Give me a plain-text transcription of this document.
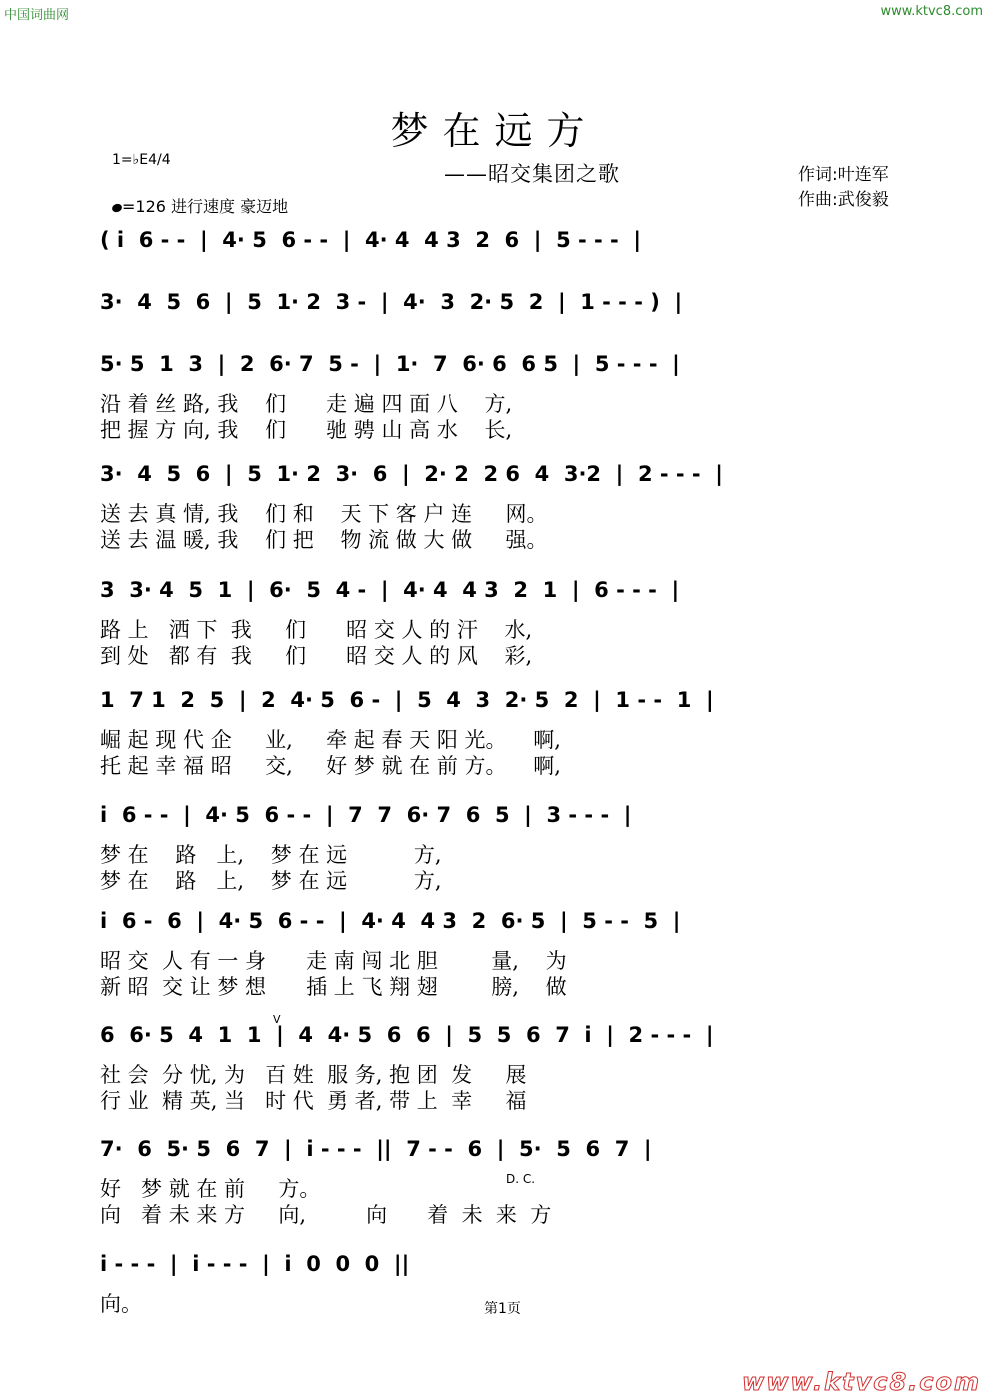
中国词曲网	www.ktvc8.com
梦在远方
——昭交集团之歌	作词:叶连军
作曲:武俊毅
1=♭E4/4
=126 进行速度 豪迈地
( i  6 - -  |  4· 5  6 - -  |  4· 4  4 3  2  6  |  5 - - -  |
3·  4  5  6  |  5  1· 2  3 -  |  4·  3  2· 5  2  |  1 - - - )  |
5· 5  1  3  |  2  6· 7  5 -  |  1·  7  6· 6  6 5  |  5 - - -  |
沿 着 丝 路, 我    们      走 遍 四 面 八    方,
把 握 方 向, 我    们      驰 骋 山 高 水    长,
3·  4  5  6  |  5  1· 2  3·  6  |  2· 2  2 6  4  3·2  |  2 - - -  |
送 去 真 情, 我    们 和    天 下 客 户 连     网。
送 去 温 暖, 我    们 把    物 流 做 大 做     强。
3  3· 4  5  1  |  6·  5  4 -  |  4· 4  4 3  2  1  |  6 - - -  |
路 上   洒 下  我     们      昭 交 人 的 汗    水,
到 处   都 有  我     们      昭 交 人 的 风    彩,
1  7 1  2  5  |  2  4· 5  6 -  |  5  4  3  2· 5  2  |  1 - -  1  |
崛 起 现 代 企     业,     牵 起 春 天 阳 光。    啊,
托 起 幸 福 昭     交,     好 梦 就 在 前 方。    啊,
i  6 - -  |  4· 5  6 - -  |  7  7  6· 7  6  5  |  3 - - -  |
梦 在    路   上,    梦 在 远          方,
梦 在    路   上,    梦 在 远          方,
i  6 -  6  |  4· 5  6 - -  |  4· 4  4 3  2  6· 5  |  5 - -  5  |
昭 交  人 有 一 身      走 南 闯 北 胆        量,    为
新 昭  交 让 梦 想      插 上 飞 翔 翅        膀,    做
6  6· 5  4  1  1  |  4  4· 5  6  6  |  5  5  6  7  i  |  2 - - -  |
社 会  分 忧, 为   百 姓  服 务, 抱 团  发     展
行 业  精 英, 当   时 代  勇 者, 带 上  幸     福
7·  6  5· 5  6  7  |  i - - -  ||  7 - -  6  |  5·  5  6  7  |
好   梦 就 在 前     方。
向   着 未 来 方     向,         向      着  未  来  方
i - - -  |  i - - -  |  i  0  0  0  ||
向。
D. C.
V
第1页
www.ktvc8.com
